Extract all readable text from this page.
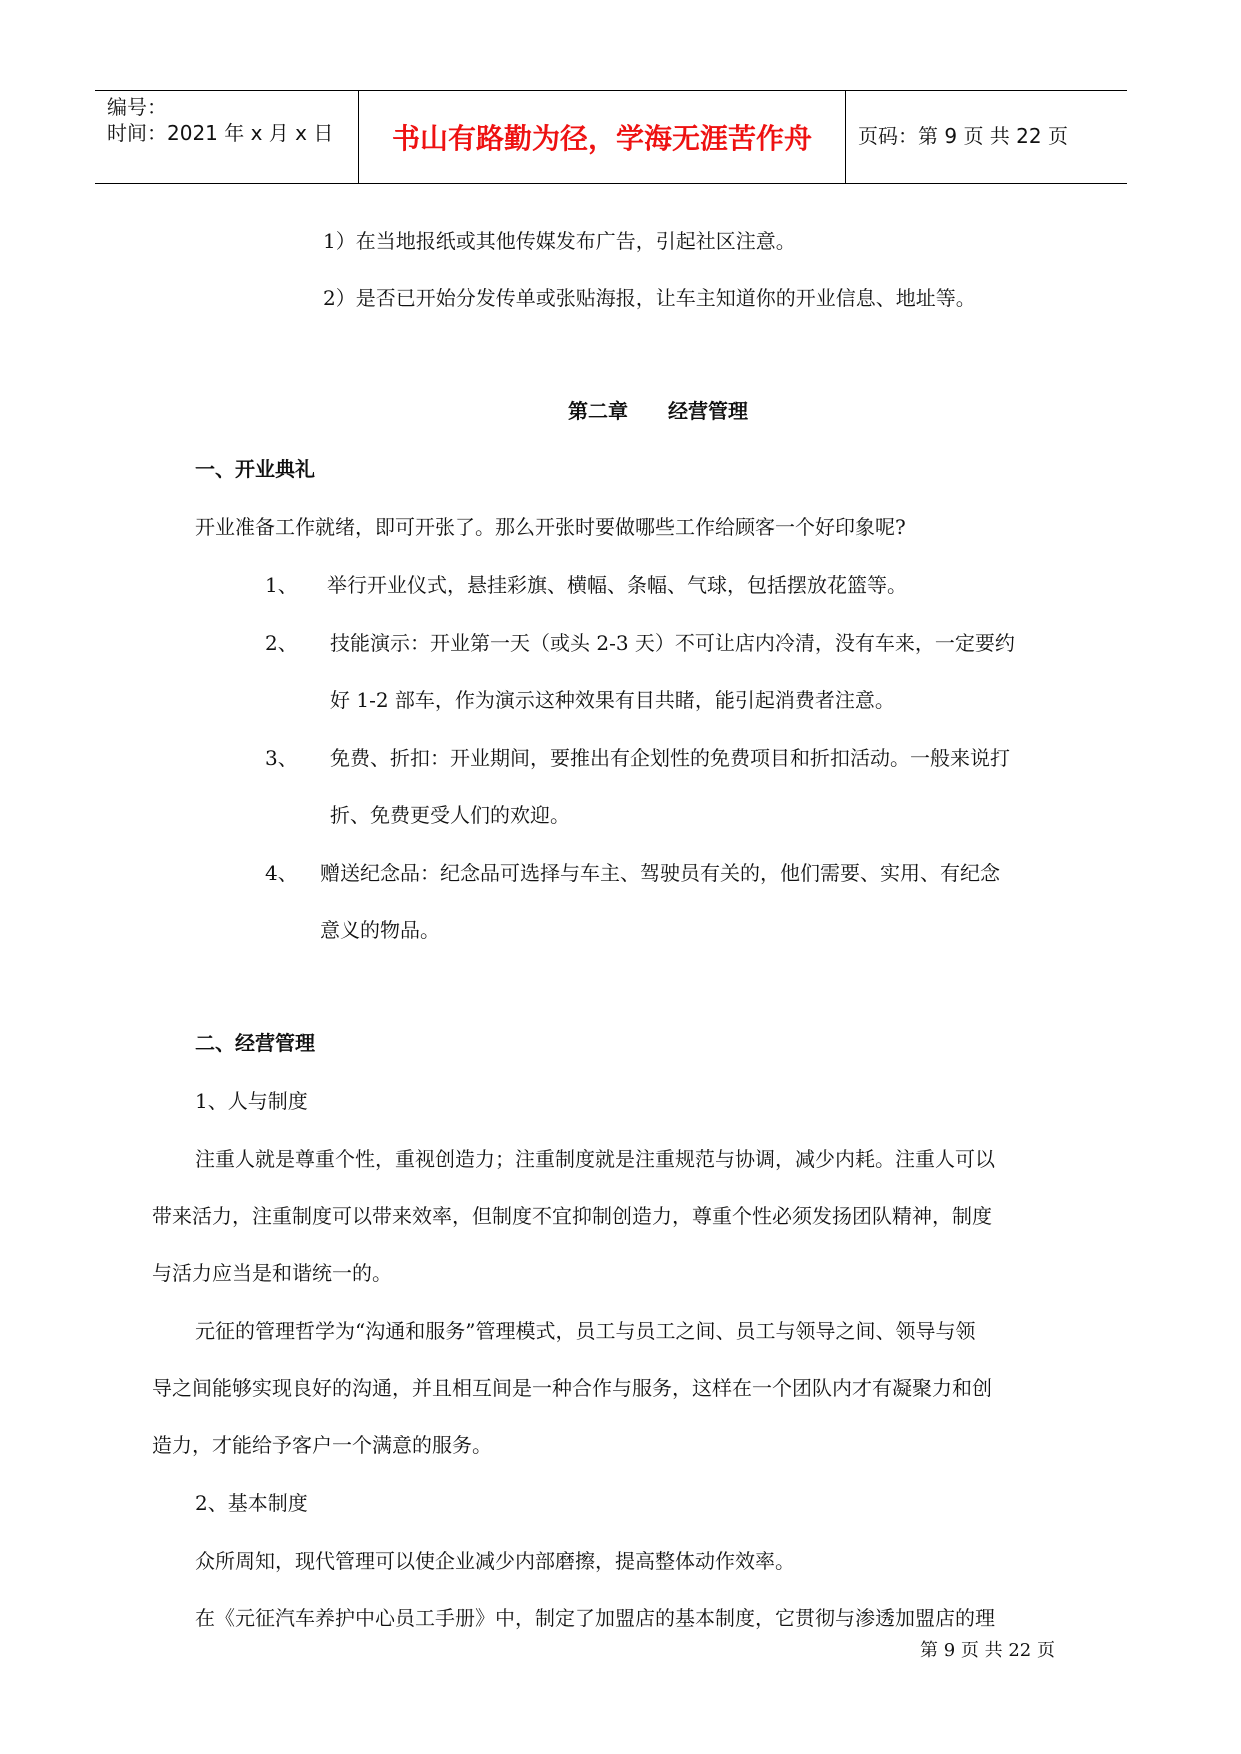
编号：
时间：2021 年 x 月 x 日	书山有路勤为径，学海无涯苦作舟	页码：第 9 页 共 22 页
1）在当地报纸或其他传媒发布广告，引起社区注意。
2）是否已开始分发传单或张贴海报，让车主知道你的开业信息、地址等。
第二章　　经营管理
一、开业典礼
开业准备工作就绪，即可开张了。那么开张时要做哪些工作给顾客一个好印象呢?
1、 举行开业仪式，悬挂彩旗、横幅、条幅、气球，包括摆放花篮等。
2、 技能演示：开业第一天（或头 2-3 天）不可让店内冷清，没有车来，一定要约
好 1-2 部车，作为演示这种效果有目共睹，能引起消费者注意。
3、 免费、折扣：开业期间，要推出有企划性的免费项目和折扣活动。一般来说打
折、免费更受人们的欢迎。
4、 赠送纪念品：纪念品可选择与车主、驾驶员有关的，他们需要、实用、有纪念
意义的物品。
二、经营管理
1、人与制度
注重人就是尊重个性，重视创造力；注重制度就是注重规范与协调，减少内耗。注重人可以
带来活力，注重制度可以带来效率，但制度不宜抑制创造力，尊重个性必须发扬团队精神，制度
与活力应当是和谐统一的。
元征的管理哲学为“沟通和服务”管理模式，员工与员工之间、员工与领导之间、领导与领
导之间能够实现良好的沟通，并且相互间是一种合作与服务，这样在一个团队内才有凝聚力和创
造力，才能给予客户一个满意的服务。
2、基本制度
众所周知，现代管理可以使企业减少内部磨擦，提高整体动作效率。
在《元征汽车养护中心员工手册》中，制定了加盟店的基本制度，它贯彻与渗透加盟店的理
第 9 页 共 22 页
